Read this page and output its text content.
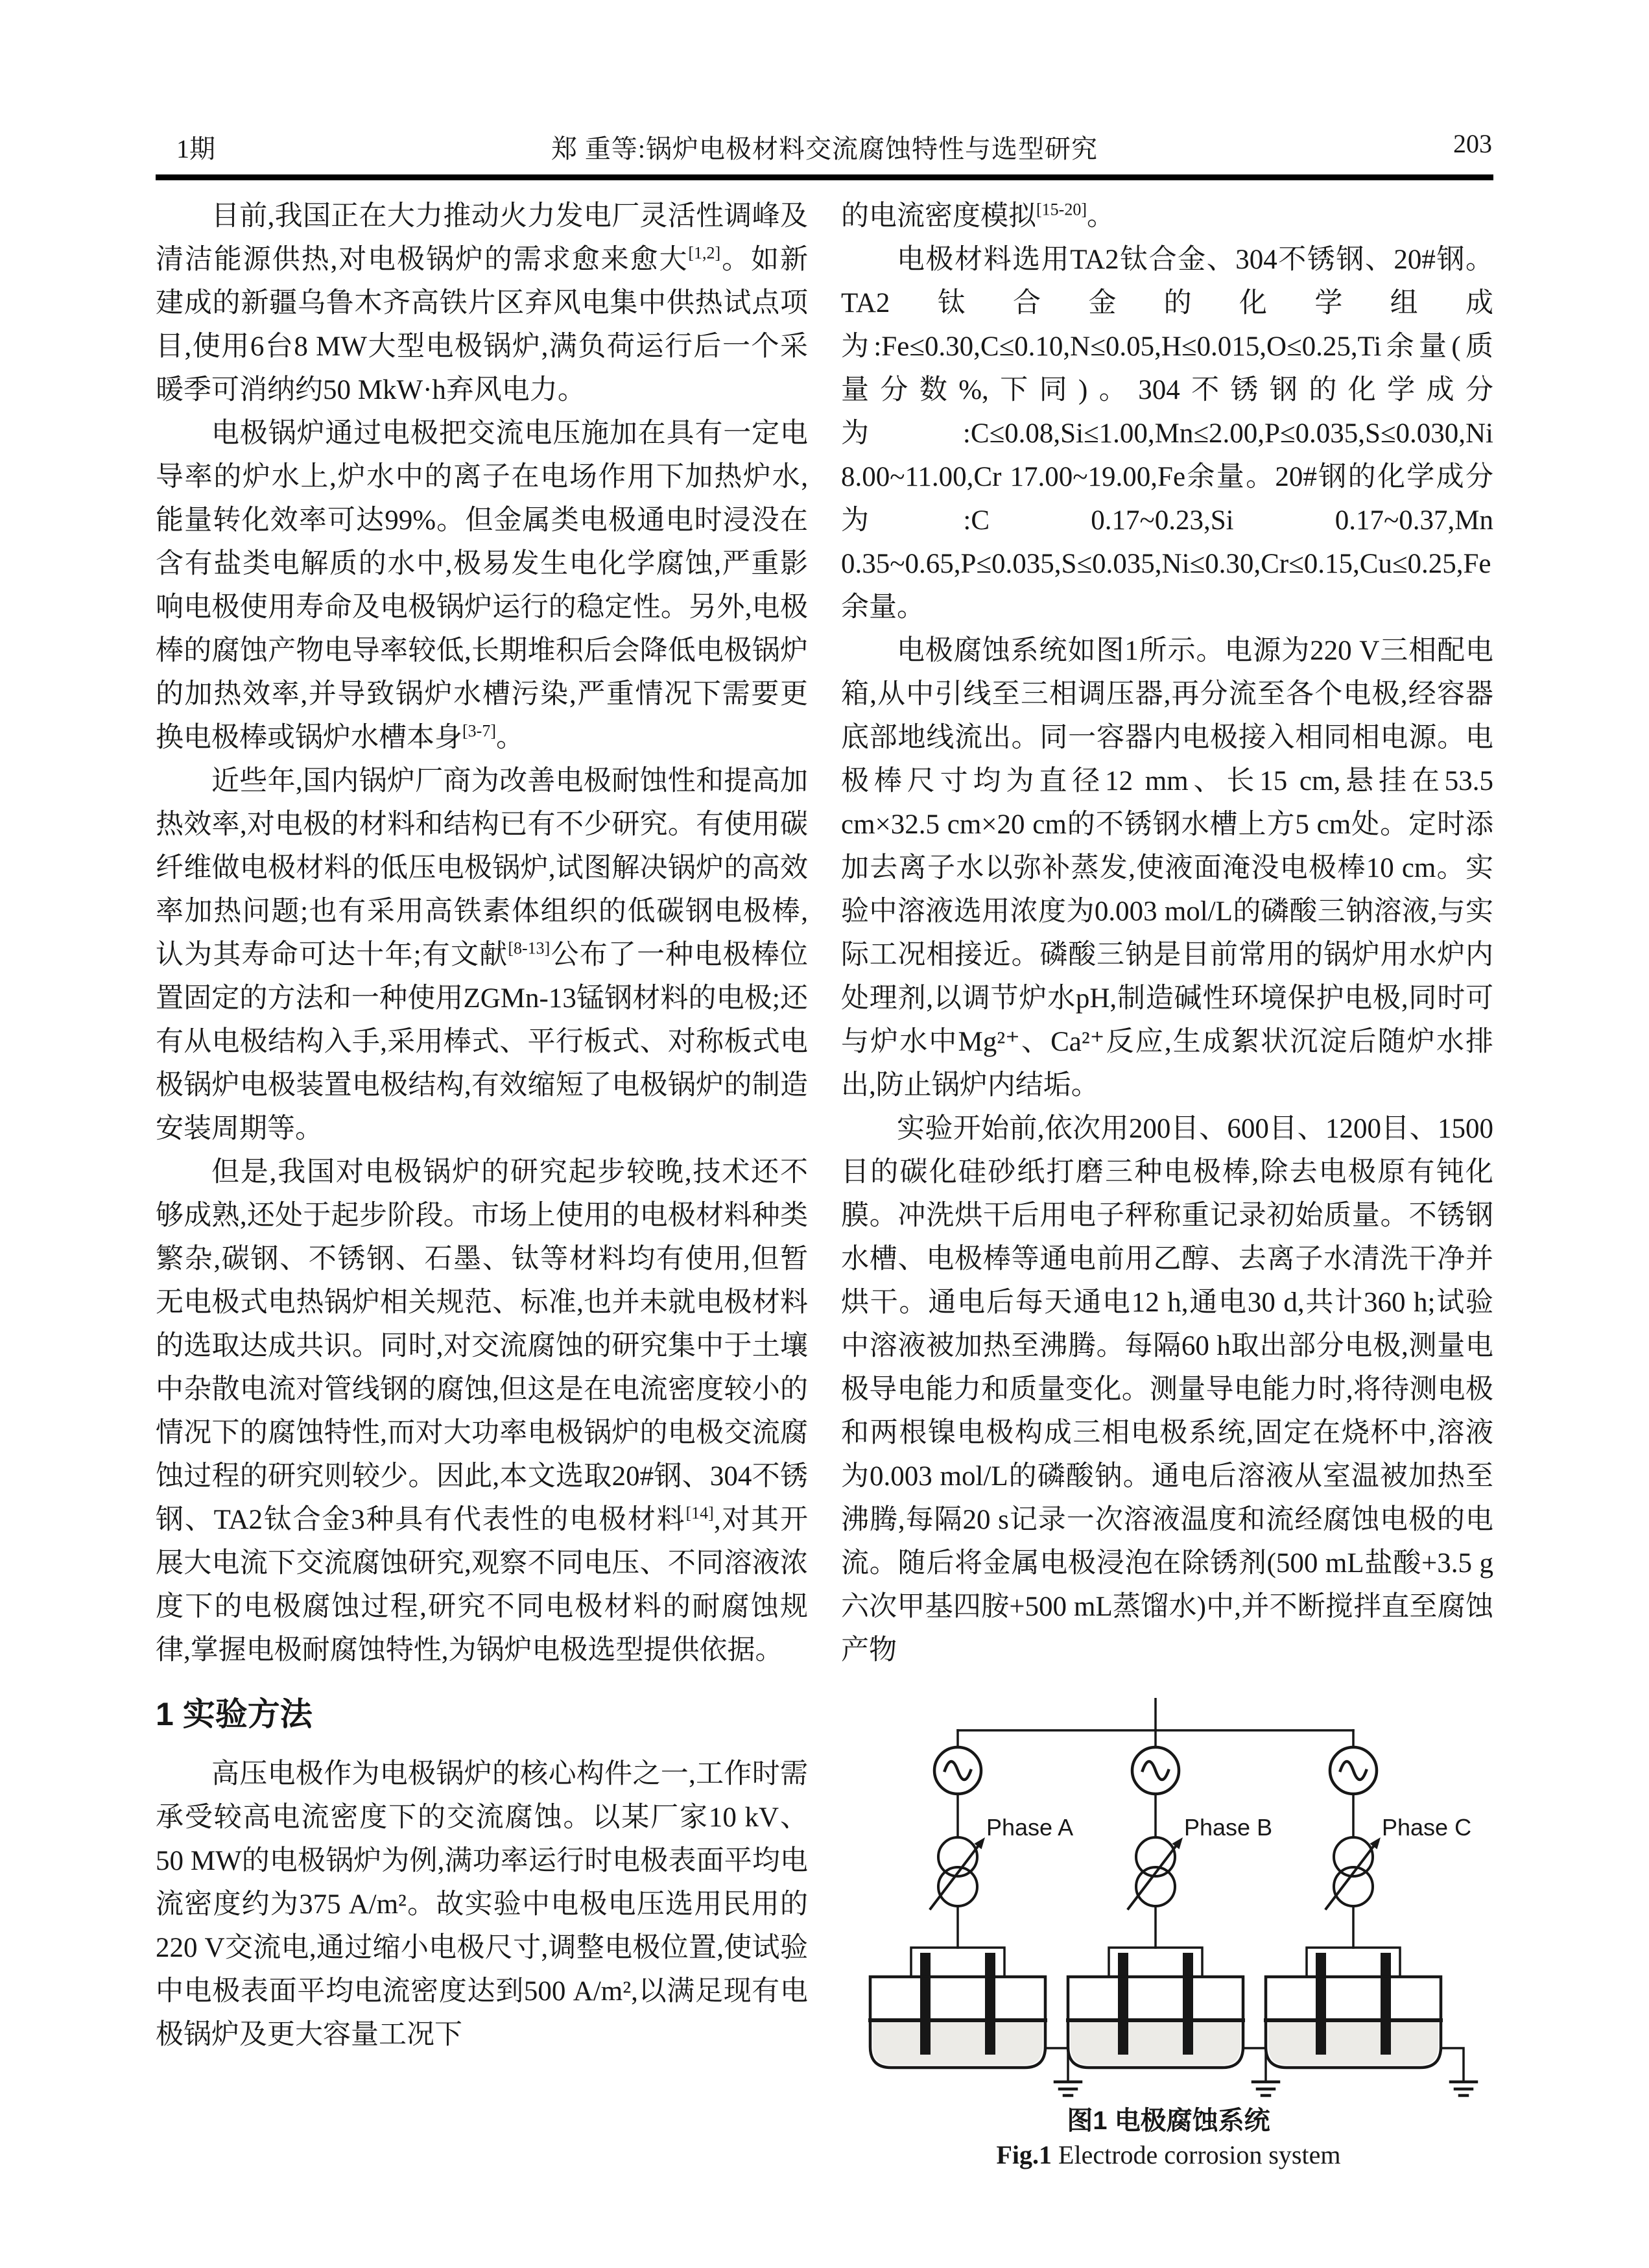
1期	郑 重等:锅炉电极材料交流腐蚀特性与选型研究	203

目前,我国正在大力推动火力发电厂灵活性调峰及清洁能源供热,对电极锅炉的需求愈来愈大[1,2]。如新建成的新疆乌鲁木齐高铁片区弃风电集中供热试点项目,使用6台8 MW大型电极锅炉,满负荷运行后一个采暖季可消纳约50 MkW·h弃风电力。

电极锅炉通过电极把交流电压施加在具有一定电导率的炉水上,炉水中的离子在电场作用下加热炉水,能量转化效率可达99%。但金属类电极通电时浸没在含有盐类电解质的水中,极易发生电化学腐蚀,严重影响电极使用寿命及电极锅炉运行的稳定性。另外,电极棒的腐蚀产物电导率较低,长期堆积后会降低电极锅炉的加热效率,并导致锅炉水槽污染,严重情况下需要更换电极棒或锅炉水槽本身[3-7]。

近些年,国内锅炉厂商为改善电极耐蚀性和提高加热效率,对电极的材料和结构已有不少研究。有使用碳纤维做电极材料的低压电极锅炉,试图解决锅炉的高效率加热问题;也有采用高铁素体组织的低碳钢电极棒,认为其寿命可达十年;有文献[8-13]公布了一种电极棒位置固定的方法和一种使用ZGMn-13锰钢材料的电极;还有从电极结构入手,采用棒式、平行板式、对称板式电极锅炉电极装置电极结构,有效缩短了电极锅炉的制造安装周期等。

但是,我国对电极锅炉的研究起步较晚,技术还不够成熟,还处于起步阶段。市场上使用的电极材料种类繁杂,碳钢、不锈钢、石墨、钛等材料均有使用,但暂无电极式电热锅炉相关规范、标准,也并未就电极材料的选取达成共识。同时,对交流腐蚀的研究集中于土壤中杂散电流对管线钢的腐蚀,但这是在电流密度较小的情况下的腐蚀特性,而对大功率电极锅炉的电极交流腐蚀过程的研究则较少。因此,本文选取20#钢、304不锈钢、TA2钛合金3种具有代表性的电极材料[14],对其开展大电流下交流腐蚀研究,观察不同电压、不同溶液浓度下的电极腐蚀过程,研究不同电极材料的耐腐蚀规律,掌握电极耐腐蚀特性,为锅炉电极选型提供依据。

1 实验方法

高压电极作为电极锅炉的核心构件之一,工作时需承受较高电流密度下的交流腐蚀。以某厂家10 kV、50 MW的电极锅炉为例,满功率运行时电极表面平均电流密度约为375 A/m²。故实验中电极电压选用民用的220 V交流电,通过缩小电极尺寸,调整电极位置,使试验中电极表面平均电流密度达到500 A/m²,以满足现有电极锅炉及更大容量工况下

的电流密度模拟[15-20]。

电极材料选用TA2钛合金、304不锈钢、20#钢。TA2钛合金的化学组成为:Fe≤0.30,C≤0.10,N≤0.05,H≤0.015,O≤0.25,Ti余量(质量分数%,下同)。304不锈钢的化学成分为:C≤0.08,Si≤1.00,Mn≤2.00,P≤0.035,S≤0.030,Ni 8.00~11.00,Cr 17.00~19.00,Fe余量。20#钢的化学成分为:C 0.17~0.23,Si 0.17~0.37,Mn 0.35~0.65,P≤0.035,S≤0.035,Ni≤0.30,Cr≤0.15,Cu≤0.25,Fe余量。

电极腐蚀系统如图1所示。电源为220 V三相配电箱,从中引线至三相调压器,再分流至各个电极,经容器底部地线流出。同一容器内电极接入相同相电源。电极棒尺寸均为直径12 mm、长15 cm,悬挂在53.5 cm×32.5 cm×20 cm的不锈钢水槽上方5 cm处。定时添加去离子水以弥补蒸发,使液面淹没电极棒10 cm。实验中溶液选用浓度为0.003 mol/L的磷酸三钠溶液,与实际工况相接近。磷酸三钠是目前常用的锅炉用水炉内处理剂,以调节炉水pH,制造碱性环境保护电极,同时可与炉水中Mg²⁺、Ca²⁺反应,生成絮状沉淀后随炉水排出,防止锅炉内结垢。

实验开始前,依次用200目、600目、1200目、1500目的碳化硅砂纸打磨三种电极棒,除去电极原有钝化膜。冲洗烘干后用电子秤称重记录初始质量。不锈钢水槽、电极棒等通电前用乙醇、去离子水清洗干净并烘干。通电后每天通电12 h,通电30 d,共计360 h;试验中溶液被加热至沸腾。每隔60 h取出部分电极,测量电极导电能力和质量变化。测量导电能力时,将待测电极和两根镍电极构成三相电极系统,固定在烧杯中,溶液为0.003 mol/L的磷酸钠。通电后溶液从室温被加热至沸腾,每隔20 s记录一次溶液温度和流经腐蚀电极的电流。随后将金属电极浸泡在除锈剂(500 mL盐酸+3.5 g六次甲基四胺+500 mL蒸馏水)中,并不断搅拌直至腐蚀产物

Phase A	Phase B	Phase C
图1 电极腐蚀系统
Fig.1 Electrode corrosion system
